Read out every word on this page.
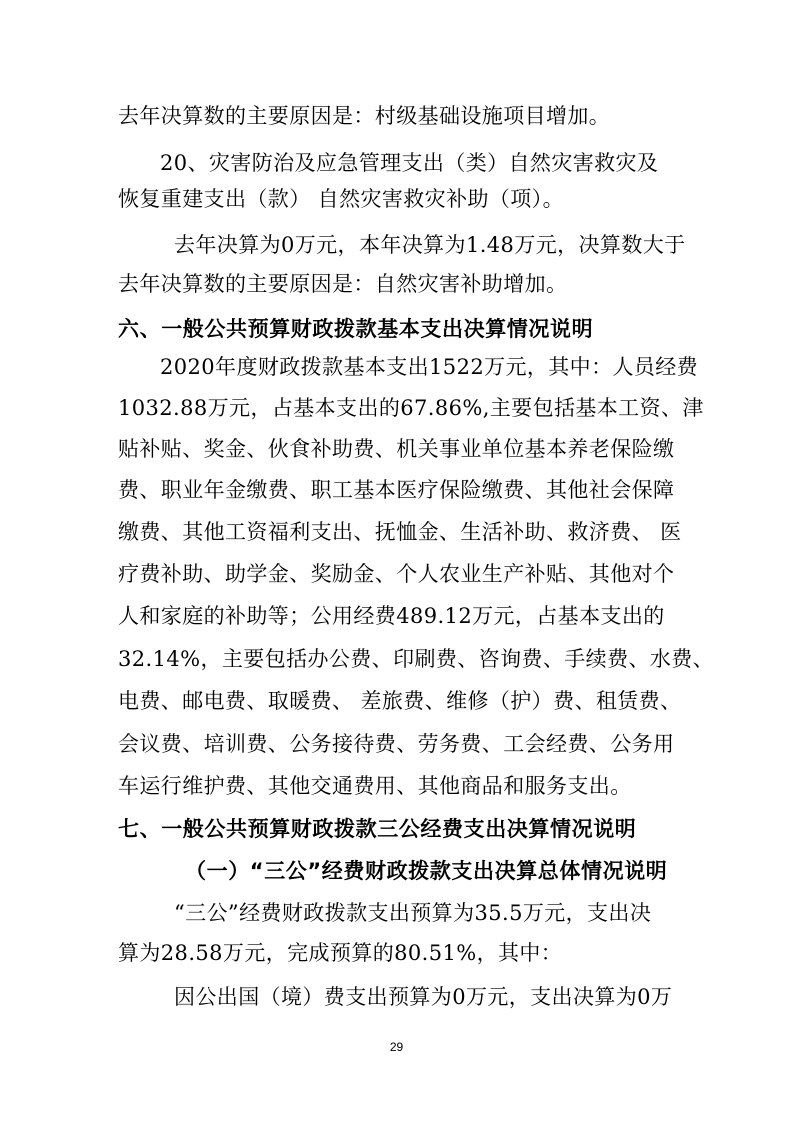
去年决算数的主要原因是：村级基础设施项目增加。
20、灾害防治及应急管理支出（类）自然灾害救灾及
恢复重建支出（款） 自然灾害救灾补助（项）。
去年决算为0万元，本年决算为1.48万元，决算数大于
去年决算数的主要原因是：自然灾害补助增加。
六、一般公共预算财政拨款基本支出决算情况说明
2020年度财政拨款基本支出1522万元，其中：人员经费
1032.88万元，占基本支出的67.86%,主要包括基本工资、津
贴补贴、奖金、伙食补助费、机关事业单位基本养老保险缴
费、职业年金缴费、职工基本医疗保险缴费、其他社会保障
缴费、其他工资福利支出、抚恤金、生活补助、救济费、 医
疗费补助、助学金、奖励金、个人农业生产补贴、其他对个
人和家庭的补助等；公用经费489.12万元，占基本支出的
32.14%，主要包括办公费、印刷费、咨询费、手续费、水费、
电费、邮电费、取暖费、 差旅费、维修（护）费、租赁费、
会议费、培训费、公务接待费、劳务费、工会经费、公务用
车运行维护费、其他交通费用、其他商品和服务支出。
七、一般公共预算财政拨款三公经费支出决算情况说明
（一）“三公”经费财政拨款支出决算总体情况说明
“三公”经费财政拨款支出预算为35.5万元，支出决
算为28.58万元，完成预算的80.51%，其中：
因公出国（境）费支出预算为0万元，支出决算为0万
29
